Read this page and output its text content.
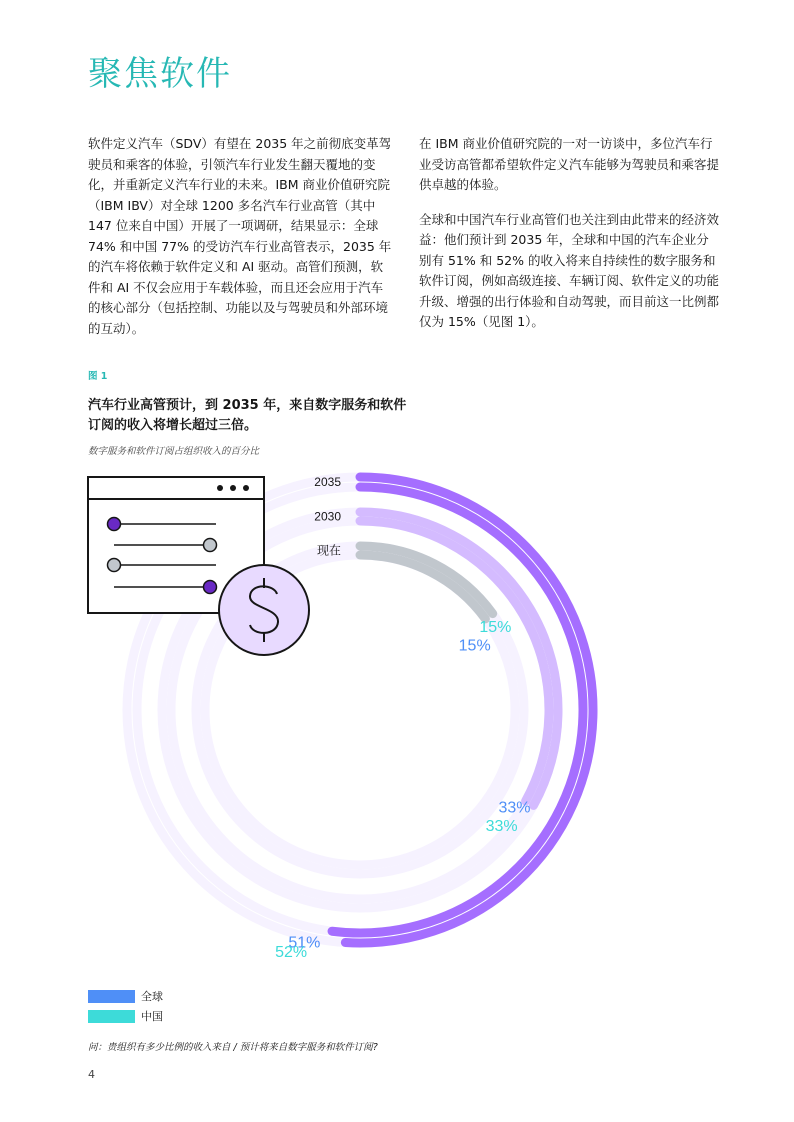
聚焦软件

软件定义汽车（SDV）有望在 2035 年之前彻底变革驾驶员和乘客的体验，引领汽车行业发生翻天覆地的变化，并重新定义汽车行业的未来。IBM 商业价值研究院（IBM IBV）对全球 1200 多名汽车行业高管（其中 147 位来自中国）开展了一项调研，结果显示：全球 74% 和中国 77% 的受访汽车行业高管表示，2035 年的汽车将依赖于软件定义和 AI 驱动。高管们预测，软件和 AI 不仅会应用于车载体验，而且还会应用于汽车的核心部分（包括控制、功能以及与驾驶员和外部环境的互动）。

在 IBM 商业价值研究院的一对一访谈中，多位汽车行业受访高管都希望软件定义汽车能够为驾驶员和乘客提供卓越的体验。

全球和中国汽车行业高管们也关注到由此带来的经济效益：他们预计到 2035 年，全球和中国的汽车企业分别有 51% 和 52% 的收入将来自持续性的数字服务和软件订阅，例如高级连接、车辆订阅、软件定义的功能升级、增强的出行体验和自动驾驶，而目前这一比例都仅为 15%（见图 1）。

图 1
汽车行业高管预计，到 2035 年，来自数字服务和软件订阅的收入将增长超过三倍。
数字服务和软件订阅占组织收入的百分比
2035
2030
现在
51%
52%
33%
33%
15%
15%
全球
中国
问：贵组织有多少比例的收入来自 / 预计将来自数字服务和软件订阅?
4
